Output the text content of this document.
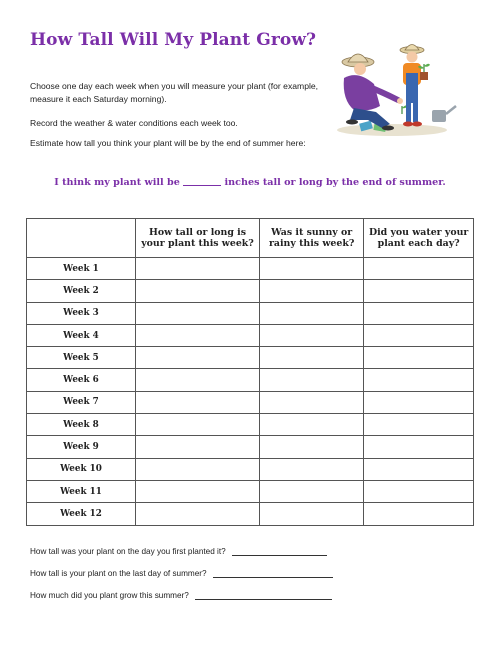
How Tall Will My Plant Grow?

Choose one day each week when you will measure your plant (for example, measure it each Saturday morning).

Record the weather & water conditions each week too.

Estimate how tall you think your plant will be by the end of summer here:

I think my plant will be	inches tall or long by the end of summer.
	How tall or long is your plant this week?	Was it sunny or rainy this week?	Did you water your plant each day?
Week 1			
Week 2			
Week 3			
Week 4			
Week 5			
Week 6			
Week 7			
Week 8			
Week 9			
Week 10			
Week 11			
Week 12			

How tall was your plant on the day you first planted it?

How tall is your plant on the last day of summer?

How much did you plant grow this summer?
